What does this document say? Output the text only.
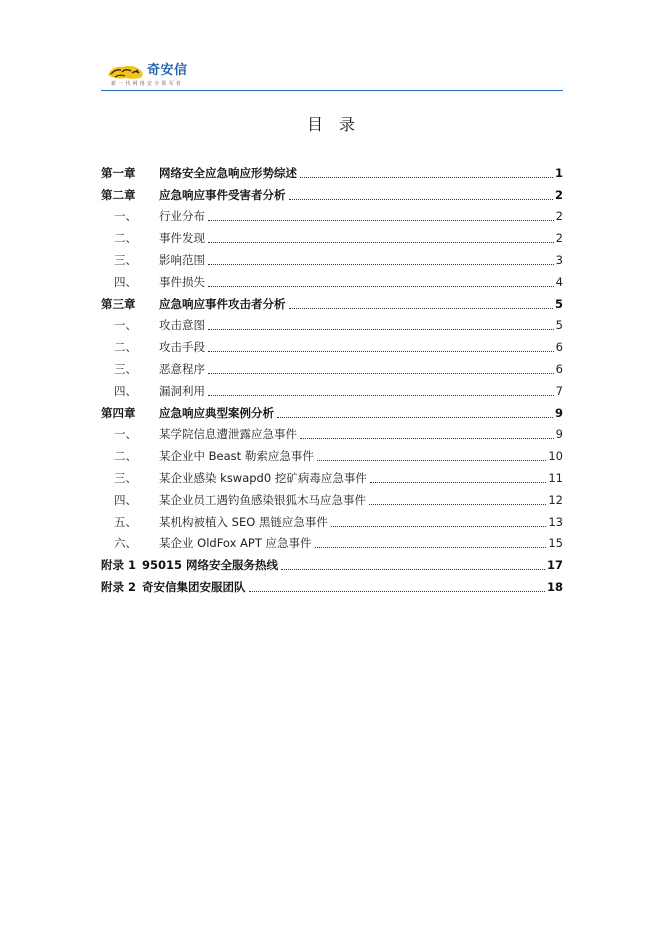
奇安信
新一代网络安全领军者
目　录
第一章	网络安全应急响应形势综述	1
第二章	应急响应事件受害者分析	2
一、	行业分布	2
二、	事件发现	2
三、	影响范围	3
四、	事件损失	4
第三章	应急响应事件攻击者分析	5
一、	攻击意图	5
二、	攻击手段	6
三、	恶意程序	6
四、	漏洞利用	7
第四章	应急响应典型案例分析	9
一、	某学院信息遭泄露应急事件	9
二、	某企业中 Beast 勒索应急事件	10
三、	某企业感染 kswapd0 挖矿病毒应急事件	11
四、	某企业员工遇钓鱼感染银狐木马应急事件	12
五、	某机构被植入 SEO 黑链应急事件	13
六、	某企业 OldFox APT 应急事件	15
附录 1 95015 网络安全服务热线	17
附录 2 奇安信集团安服团队	18
